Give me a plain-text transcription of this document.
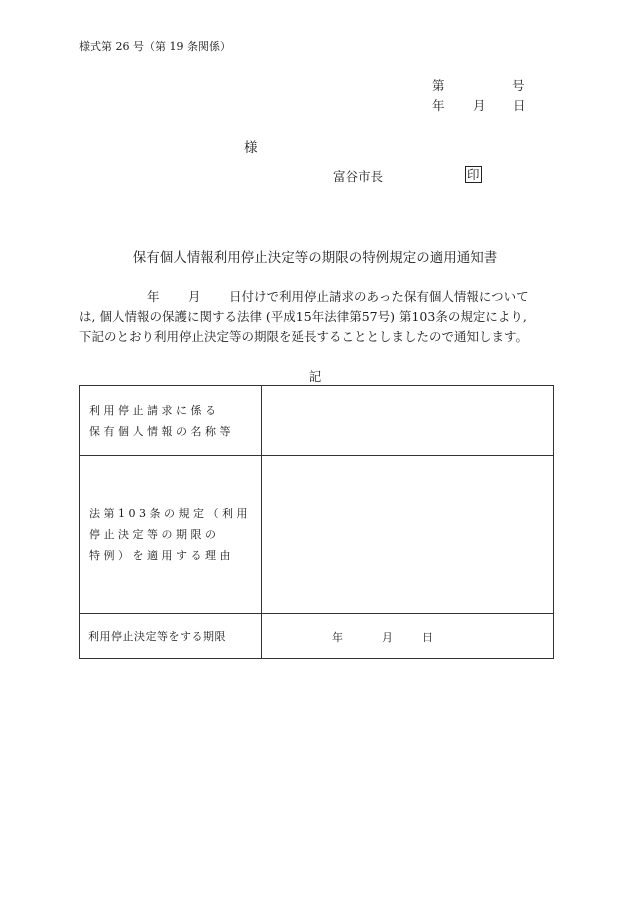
様式第 26 号（第 19 条関係）
第	号
年 月 日
様
富谷市長	印
保有個人情報利用停止決定等の期限の特例規定の適用通知書
年 月 日付けで利用停止請求のあった保有個人情報について
は, 個人情報の保護に関する法律 (平成15年法律第57号) 第103条の規定により,
下記のとおり利用停止決定等の期限を延長することとしましたので通知します。
記
利用停止請求に係る
保有個人情報の名称等	

法第103条の規定（利用
停止決定等の期限の
特例）を適用する理由	

利用停止決定等をする期限	年 月 日
